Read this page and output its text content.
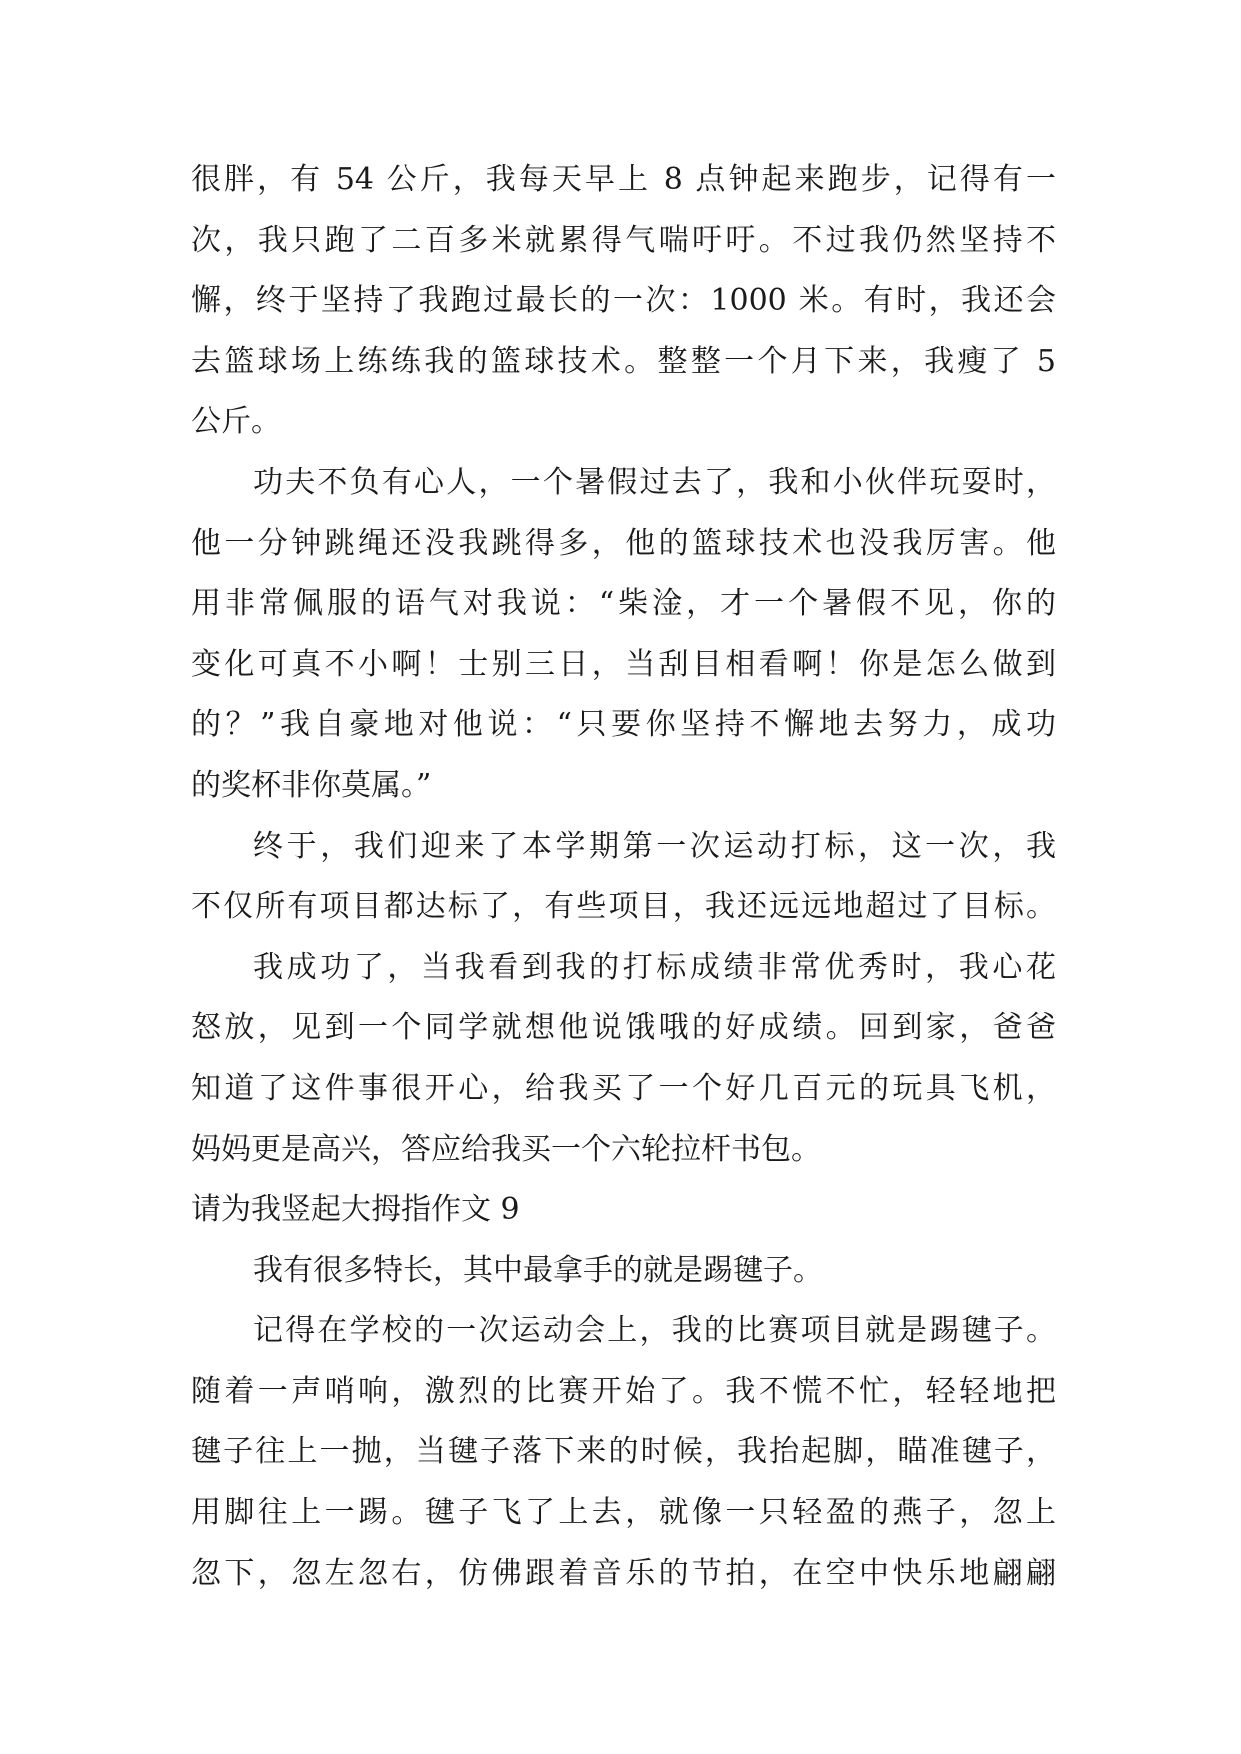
很胖，有 54 公斤，我每天早上 8 点钟起来跑步，记得有一
次，我只跑了二百多米就累得气喘吁吁。不过我仍然坚持不
懈，终于坚持了我跑过最长的一次：1000 米。有时，我还会
去篮球场上练练我的篮球技术。整整一个月下来，我瘦了 5
公斤。
功夫不负有心人，一个暑假过去了，我和小伙伴玩耍时，
他一分钟跳绳还没我跳得多，他的篮球技术也没我厉害。他
用非常佩服的语气对我说：“柴淦，才一个暑假不见，你的
变化可真不小啊！士别三日，当刮目相看啊！你是怎么做到
的？”我自豪地对他说：“只要你坚持不懈地去努力，成功
的奖杯非你莫属。”
终于，我们迎来了本学期第一次运动打标，这一次，我
不仅所有项目都达标了，有些项目，我还远远地超过了目标。
我成功了，当我看到我的打标成绩非常优秀时，我心花
怒放，见到一个同学就想他说饿哦的好成绩。回到家，爸爸
知道了这件事很开心，给我买了一个好几百元的玩具飞机，
妈妈更是高兴，答应给我买一个六轮拉杆书包。
请为我竖起大拇指作文 9
我有很多特长，其中最拿手的就是踢毽子。
记得在学校的一次运动会上，我的比赛项目就是踢毽子。
随着一声哨响，激烈的比赛开始了。我不慌不忙，轻轻地把
毽子往上一抛，当毽子落下来的时候，我抬起脚，瞄准毽子，
用脚往上一踢。毽子飞了上去，就像一只轻盈的燕子，忽上
忽下，忽左忽右，仿佛跟着音乐的节拍，在空中快乐地翩翩
